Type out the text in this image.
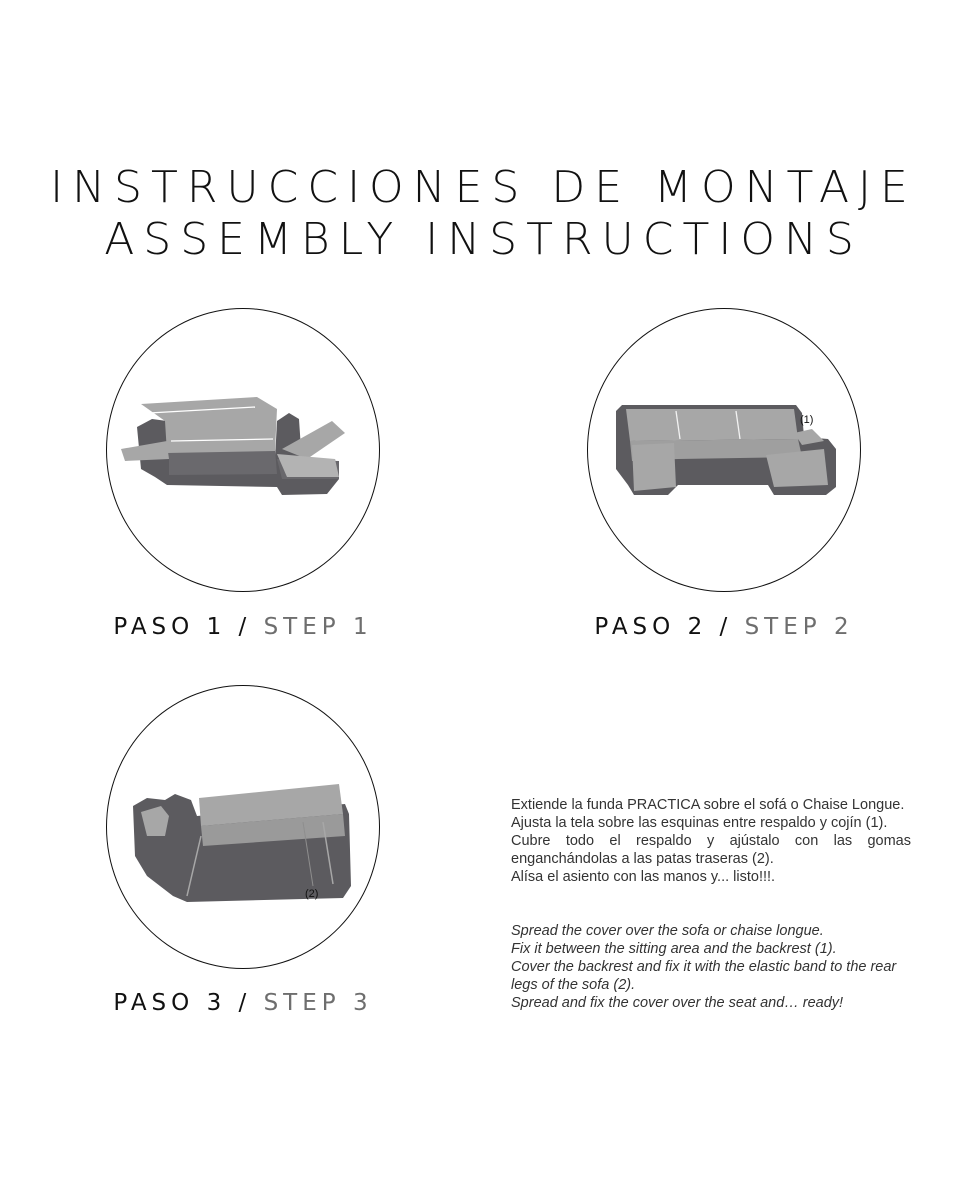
INSTRUCCIONES DE MONTAJE
ASSEMBLY INSTRUCTIONS
(1)
(2)
PASO 1 / STEP 1	PASO 2 / STEP 2
PASO 3 / STEP 3

Extiende la funda PRACTICA sobre el sofá o Chaise Longue.

Ajusta la tela sobre las esquinas entre respaldo y cojín (1).

Cubre todo el respaldo y ajústalo con las gomas enganchándolas a las patas traseras (2).

Alísa el asiento con las manos y... listo!!!.

Spread the cover over the sofa or chaise longue.

Fix it between the sitting area and the backrest (1).

Cover the backrest and fix it with the elastic band to the rear legs of the sofa (2).

Spread and fix the cover over the seat and… ready!
